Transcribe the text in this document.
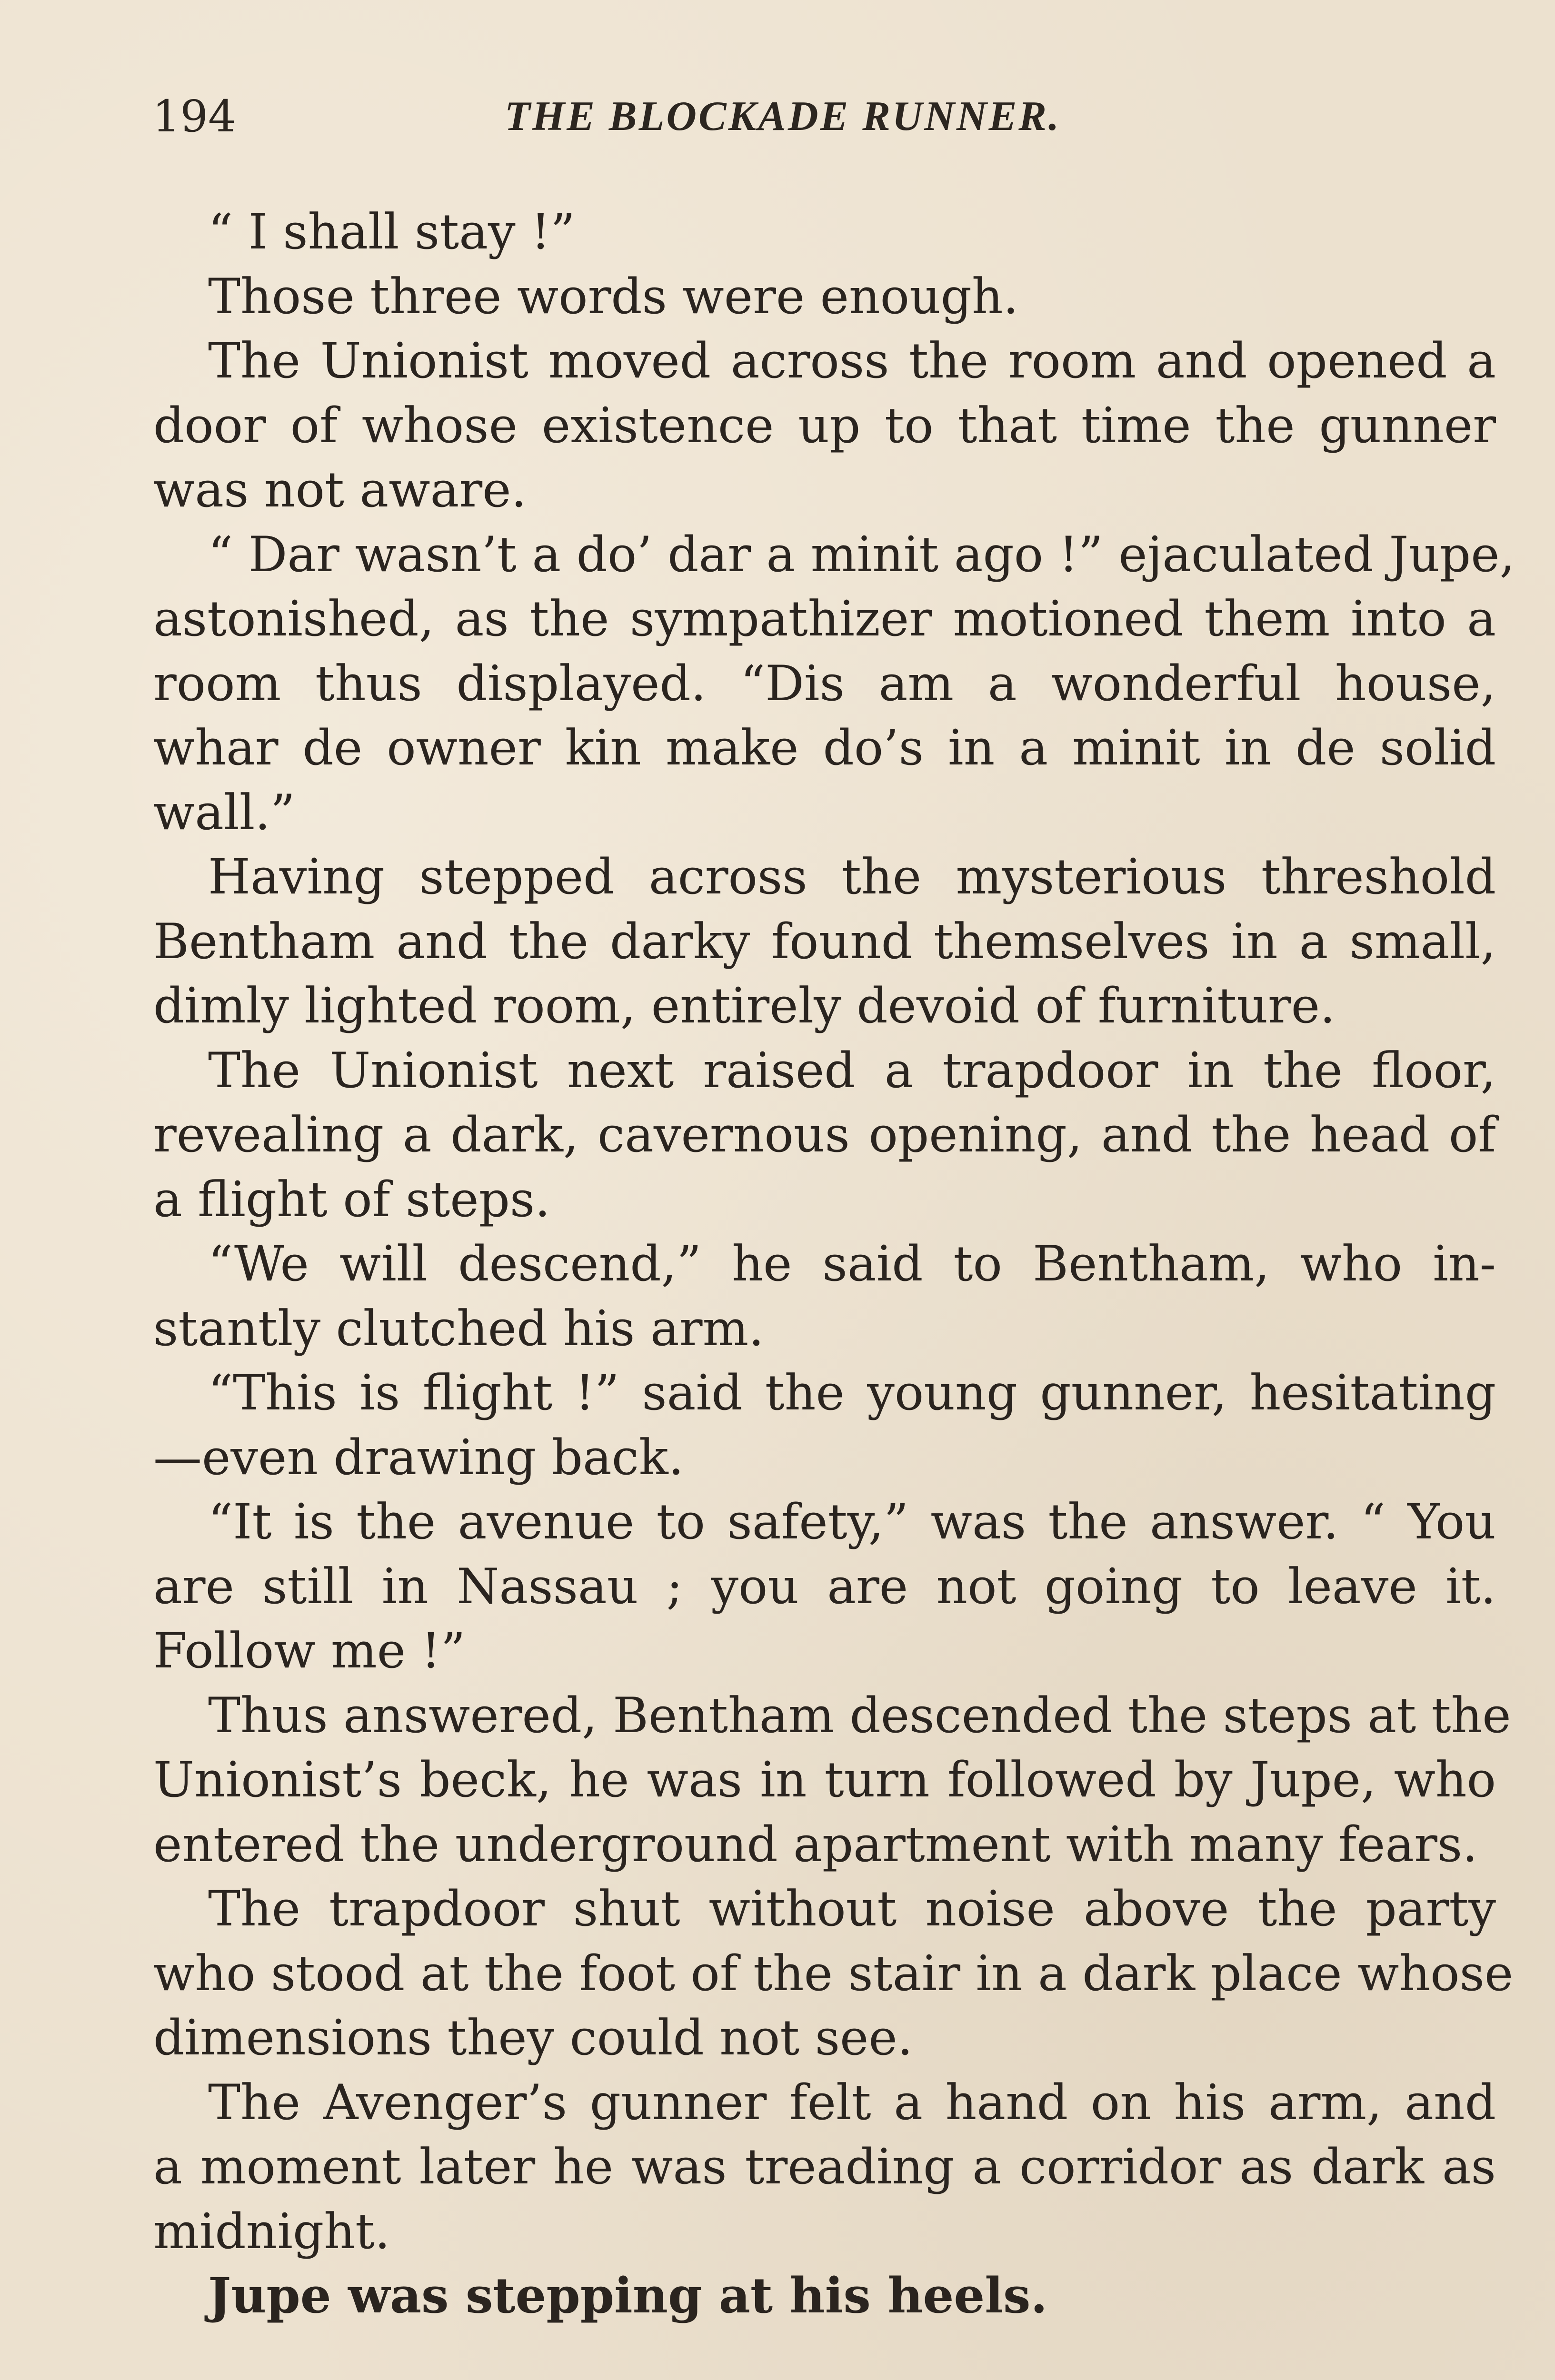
194	THE BLOCKADE RUNNER.
“ I shall stay !”
Those three words were enough.
The Unionist moved across the room and opened a
door of whose existence up to that time the gunner
was not aware.
“ Dar wasn’t a do’ dar a minit ago !” ejaculated Jupe,
astonished, as the sympathizer motioned them into a
room thus displayed. “Dis am a wonderful house,
whar de owner kin make do’s in a minit in de solid
wall.”
Having stepped across the mysterious threshold
Bentham and the darky found themselves in a small,
dimly lighted room, entirely devoid of furniture.
The Unionist next raised a trapdoor in the floor,
revealing a dark, cavernous opening, and the head of
a flight of steps.
“We will descend,” he said to Bentham, who in-
stantly clutched his arm.
“This is flight !” said the young gunner, hesitating
—even drawing back.
“It is the avenue to safety,” was the answer. “ You
are still in Nassau ; you are not going to leave it.
Follow me !”
Thus answered, Bentham descended the steps at the
Unionist’s beck, he was in turn followed by Jupe, who
entered the underground apartment with many fears.
The trapdoor shut without noise above the party
who stood at the foot of the stair in a dark place whose
dimensions they could not see.
The Avenger’s gunner felt a hand on his arm, and
a moment later he was treading a corridor as dark as
midnight.
Jupe was stepping at his heels.
